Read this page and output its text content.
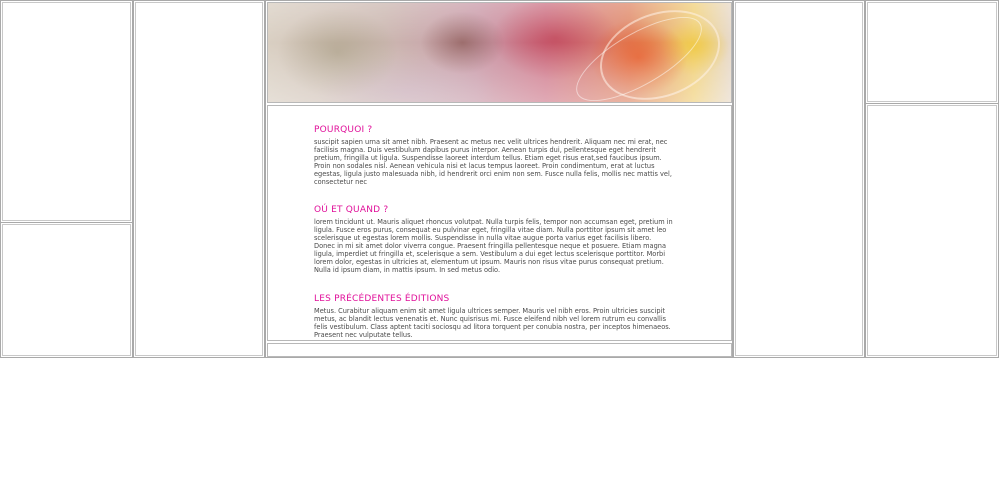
POURQUOI ?

suscipit sapien urna sit amet nibh. Praesent ac metus nec velit ultrices hendrerit. Aliquam nec mi erat, nec facilisis magna. Duis vestibulum dapibus purus interpor. Aenean turpis dui, pellentesque eget hendrerit pretium, fringilla ut ligula. Suspendisse laoreet interdum tellus. Etiam eget risus erat,sed faucibus ipsum. Proin non sodales nisl. Aenean vehicula nisi et lacus tempus laoreet. Proin condimentum, erat at luctus egestas, ligula justo malesuada nibh, id hendrerit orci enim non sem. Fusce nulla felis, mollis nec mattis vel, consectetur nec

OÚ ET QUAND ?

lorem tincidunt ut. Mauris aliquet rhoncus volutpat. Nulla turpis felis, tempor non accumsan eget, pretium in ligula. Fusce eros purus, consequat eu pulvinar eget, fringilla vitae diam. Nulla porttitor ipsum sit amet leo scelerisque ut egestas lorem mollis. Suspendisse in nulla vitae augue porta varius eget facilisis libero. Donec in mi sit amet dolor viverra congue. Praesent fringilla pellentesque neque et posuere. Etiam magna ligula, imperdiet ut fringilla et, scelerisque a sem. Vestibulum a dui eget lectus scelerisque porttitor. Morbi lorem dolor, egestas in ultricies at, elementum ut ipsum. Mauris non risus vitae purus consequat pretium. Nulla id ipsum diam, in mattis ipsum. In sed metus odio.

LES PRÉCÉDENTES ÉDITIONS

Metus. Curabitur aliquam enim sit amet ligula ultrices semper. Mauris vel nibh eros. Proin ultricies suscipit metus, ac blandit lectus venenatis et. Nunc quisrisus mi. Fusce eleifend nibh vel lorem rutrum eu convallis felis vestibulum. Class aptent taciti sociosqu ad litora torquent per conubia nostra, per inceptos himenaeos. Praesent nec vulputate tellus.
